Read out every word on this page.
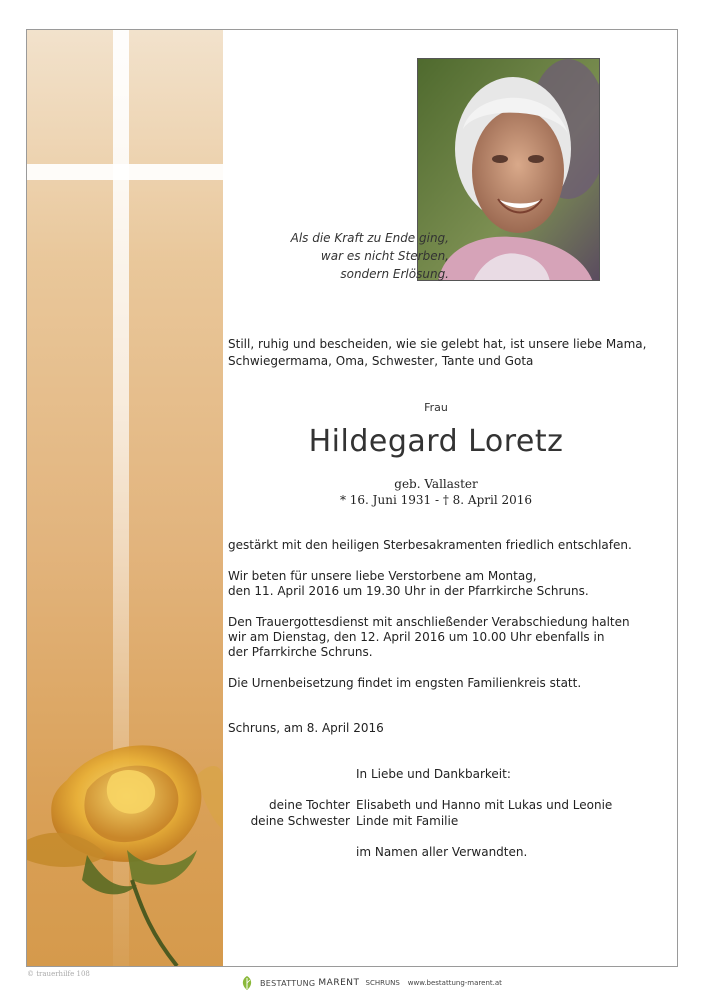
Als die Kraft zu Ende ging,
war es nicht Sterben,
sondern Erlösung.
Still, ruhig und bescheiden, wie sie gelebt hat, ist unsere liebe Mama,
Schwiegermama, Oma, Schwester, Tante und Gota
Frau
Hildegard Loretz
geb. Vallaster
* 16. Juni 1931 - † 8. April 2016
gestärkt mit den heiligen Sterbesakramenten friedlich entschlafen.
Wir beten für unsere liebe Verstorbene am Montag,
den 11. April 2016 um 19.30 Uhr in der Pfarrkirche Schruns.
Den Trauergottesdienst mit anschließender Verabschiedung halten
wir am Dienstag, den 12. April 2016 um 10.00 Uhr ebenfalls in
der Pfarrkirche Schruns.
Die Urnenbeisetzung findet im engsten Familienkreis statt.
Schruns, am 8. April 2016
In Liebe und Dankbarkeit:
deine Tochter Elisabeth und Hanno mit Lukas und Leonie
deine Schwester Linde mit Familie
im Namen aller Verwandten.
© trauerhilfe 108
BESTATTUNG MARENT SCHRUNS www.bestattung-marent.at
